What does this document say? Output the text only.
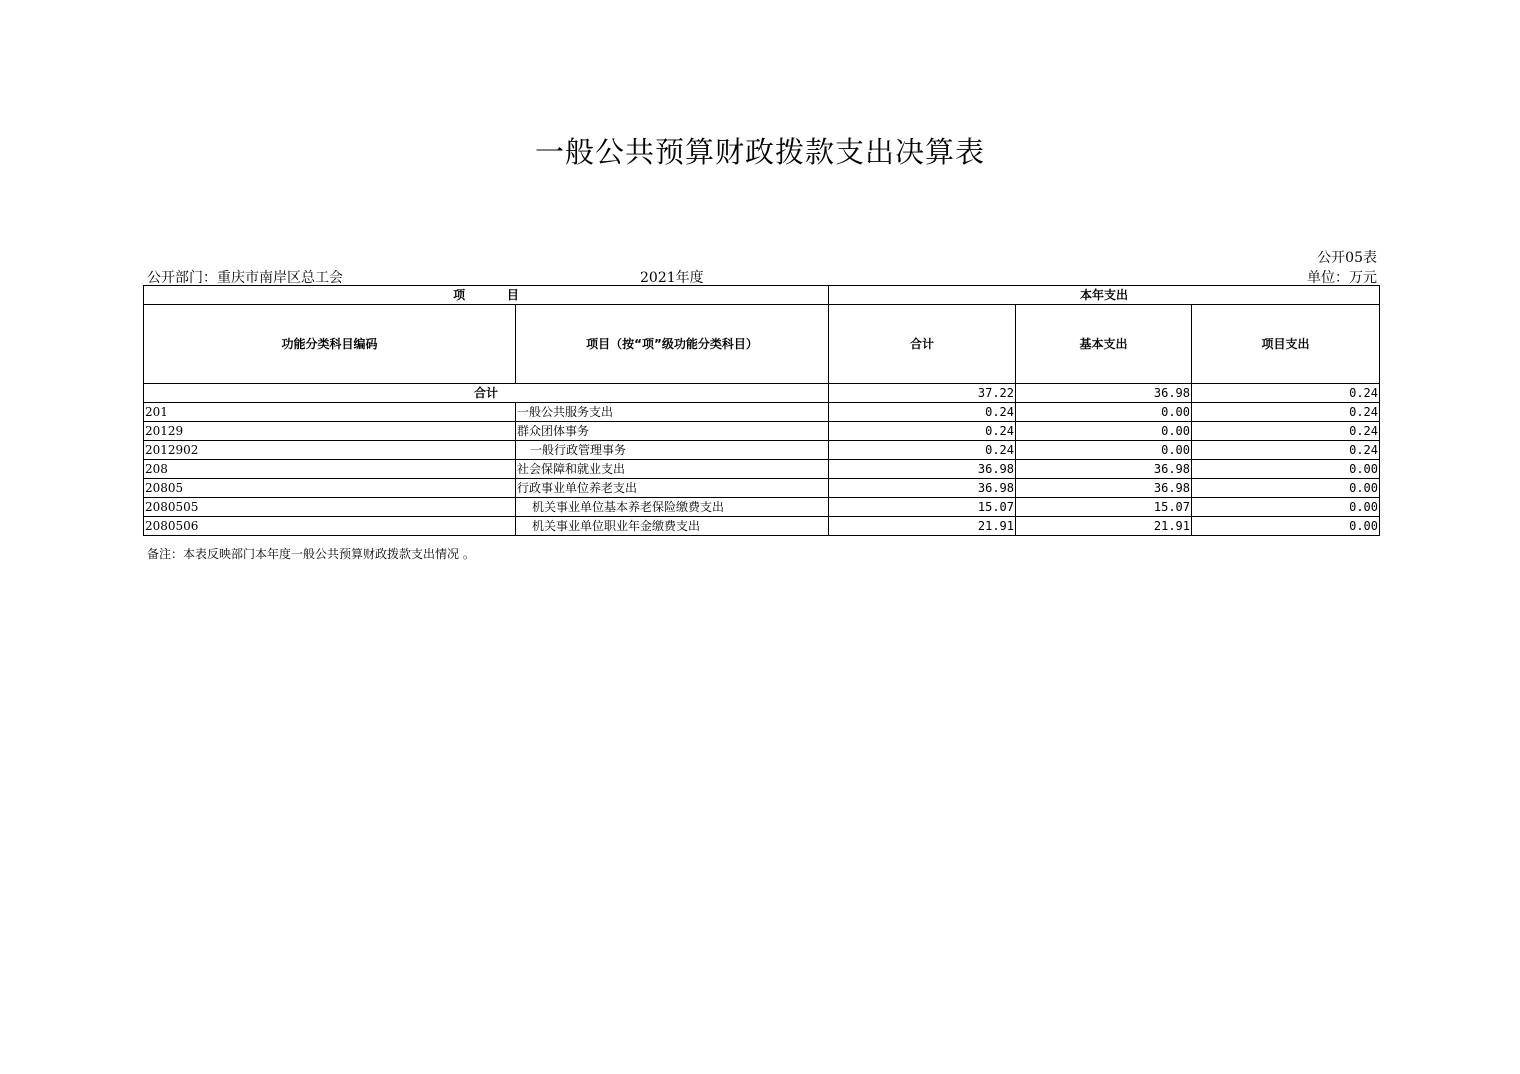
一般公共预算财政拨款支出决算表
公开05表
公开部门：重庆市南岸区总工会	2021年度	单位：万元
项          目		本年支出		
功能分类科目编码	项目（按“项”级功能分类科目）	合计	基本支出	项目支出
合计		37.22	36.98	0.24
201	一般公共服务支出	0.24	0.00	0.24
20129	群众团体事务	0.24	0.00	0.24
2012902	一般行政管理事务	0.24	0.00	0.24
208	社会保障和就业支出	36.98	36.98	0.00
20805	行政事业单位养老支出	36.98	36.98	0.00
2080505	机关事业单位基本养老保险缴费支出	15.07	15.07	0.00
2080506	机关事业单位职业年金缴费支出	21.91	21.91	0.00
备注：本表反映部门本年度一般公共预算财政拨款支出情况 。
